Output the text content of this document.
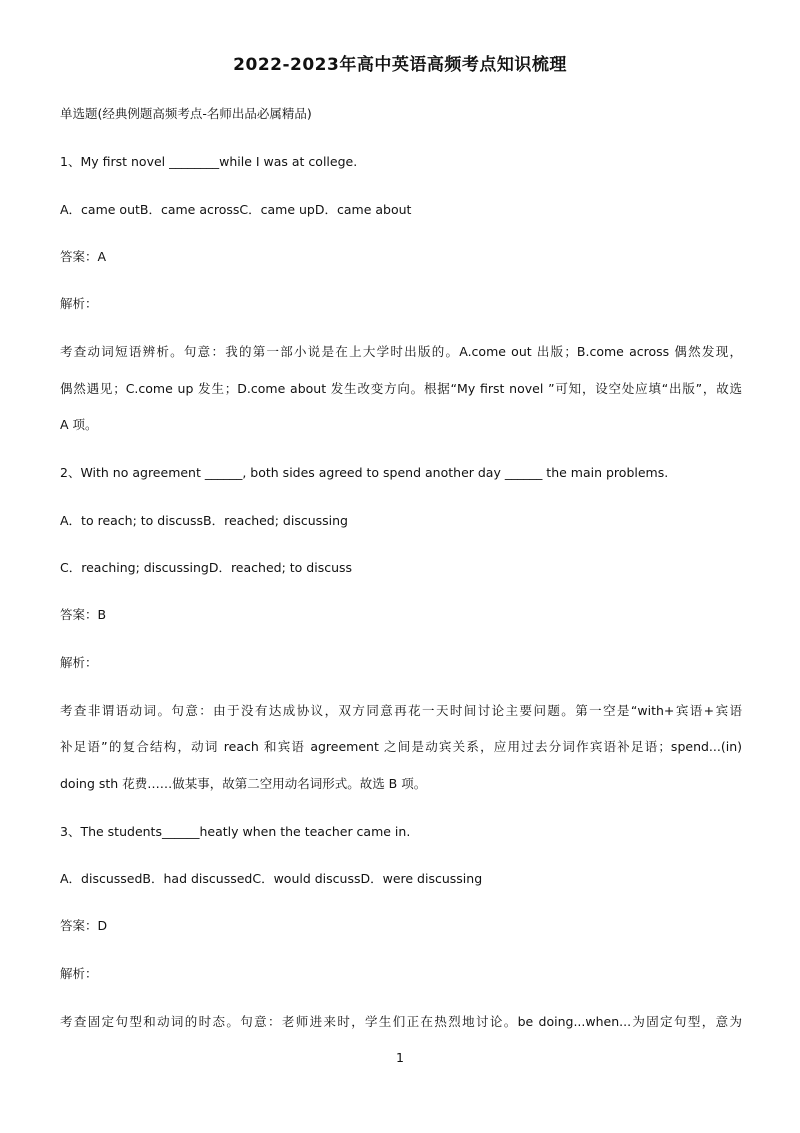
2022-2023年高中英语高频考点知识梳理
单选题(经典例题高频考点-名师出品必属精品)
1、My first novel ________while I was at college.
A．came outB．came acrossC．came upD．came about
答案：A
解析：
考查动词短语辨析。句意：我的第一部小说是在上大学时出版的。A.come out 出版；B.come across 偶然发现，
偶然遇见；C.come up 发生；D.come about 发生改变方向。根据“My first novel ”可知，设空处应填“出版”，故选
A 项。
2、With no agreement ______, both sides agreed to spend another day ______ the main problems.
A．to reach; to discussB．reached; discussing
C．reaching; discussingD．reached; to discuss
答案：B
解析：
考查非谓语动词。句意：由于没有达成协议，双方同意再花一天时间讨论主要问题。第一空是“with+宾语+宾语
补足语”的复合结构，动词 reach 和宾语 agreement 之间是动宾关系，应用过去分词作宾语补足语；spend...(in)
doing sth 花费……做某事，故第二空用动名词形式。故选 B 项。
3、The students______heatly when the teacher came in.
A．discussedB．had discussedC．would discussD．were discussing
答案：D
解析：
考查固定句型和动词的时态。句意：老师进来时，学生们正在热烈地讨论。be doing...when...为固定句型，意为
1
